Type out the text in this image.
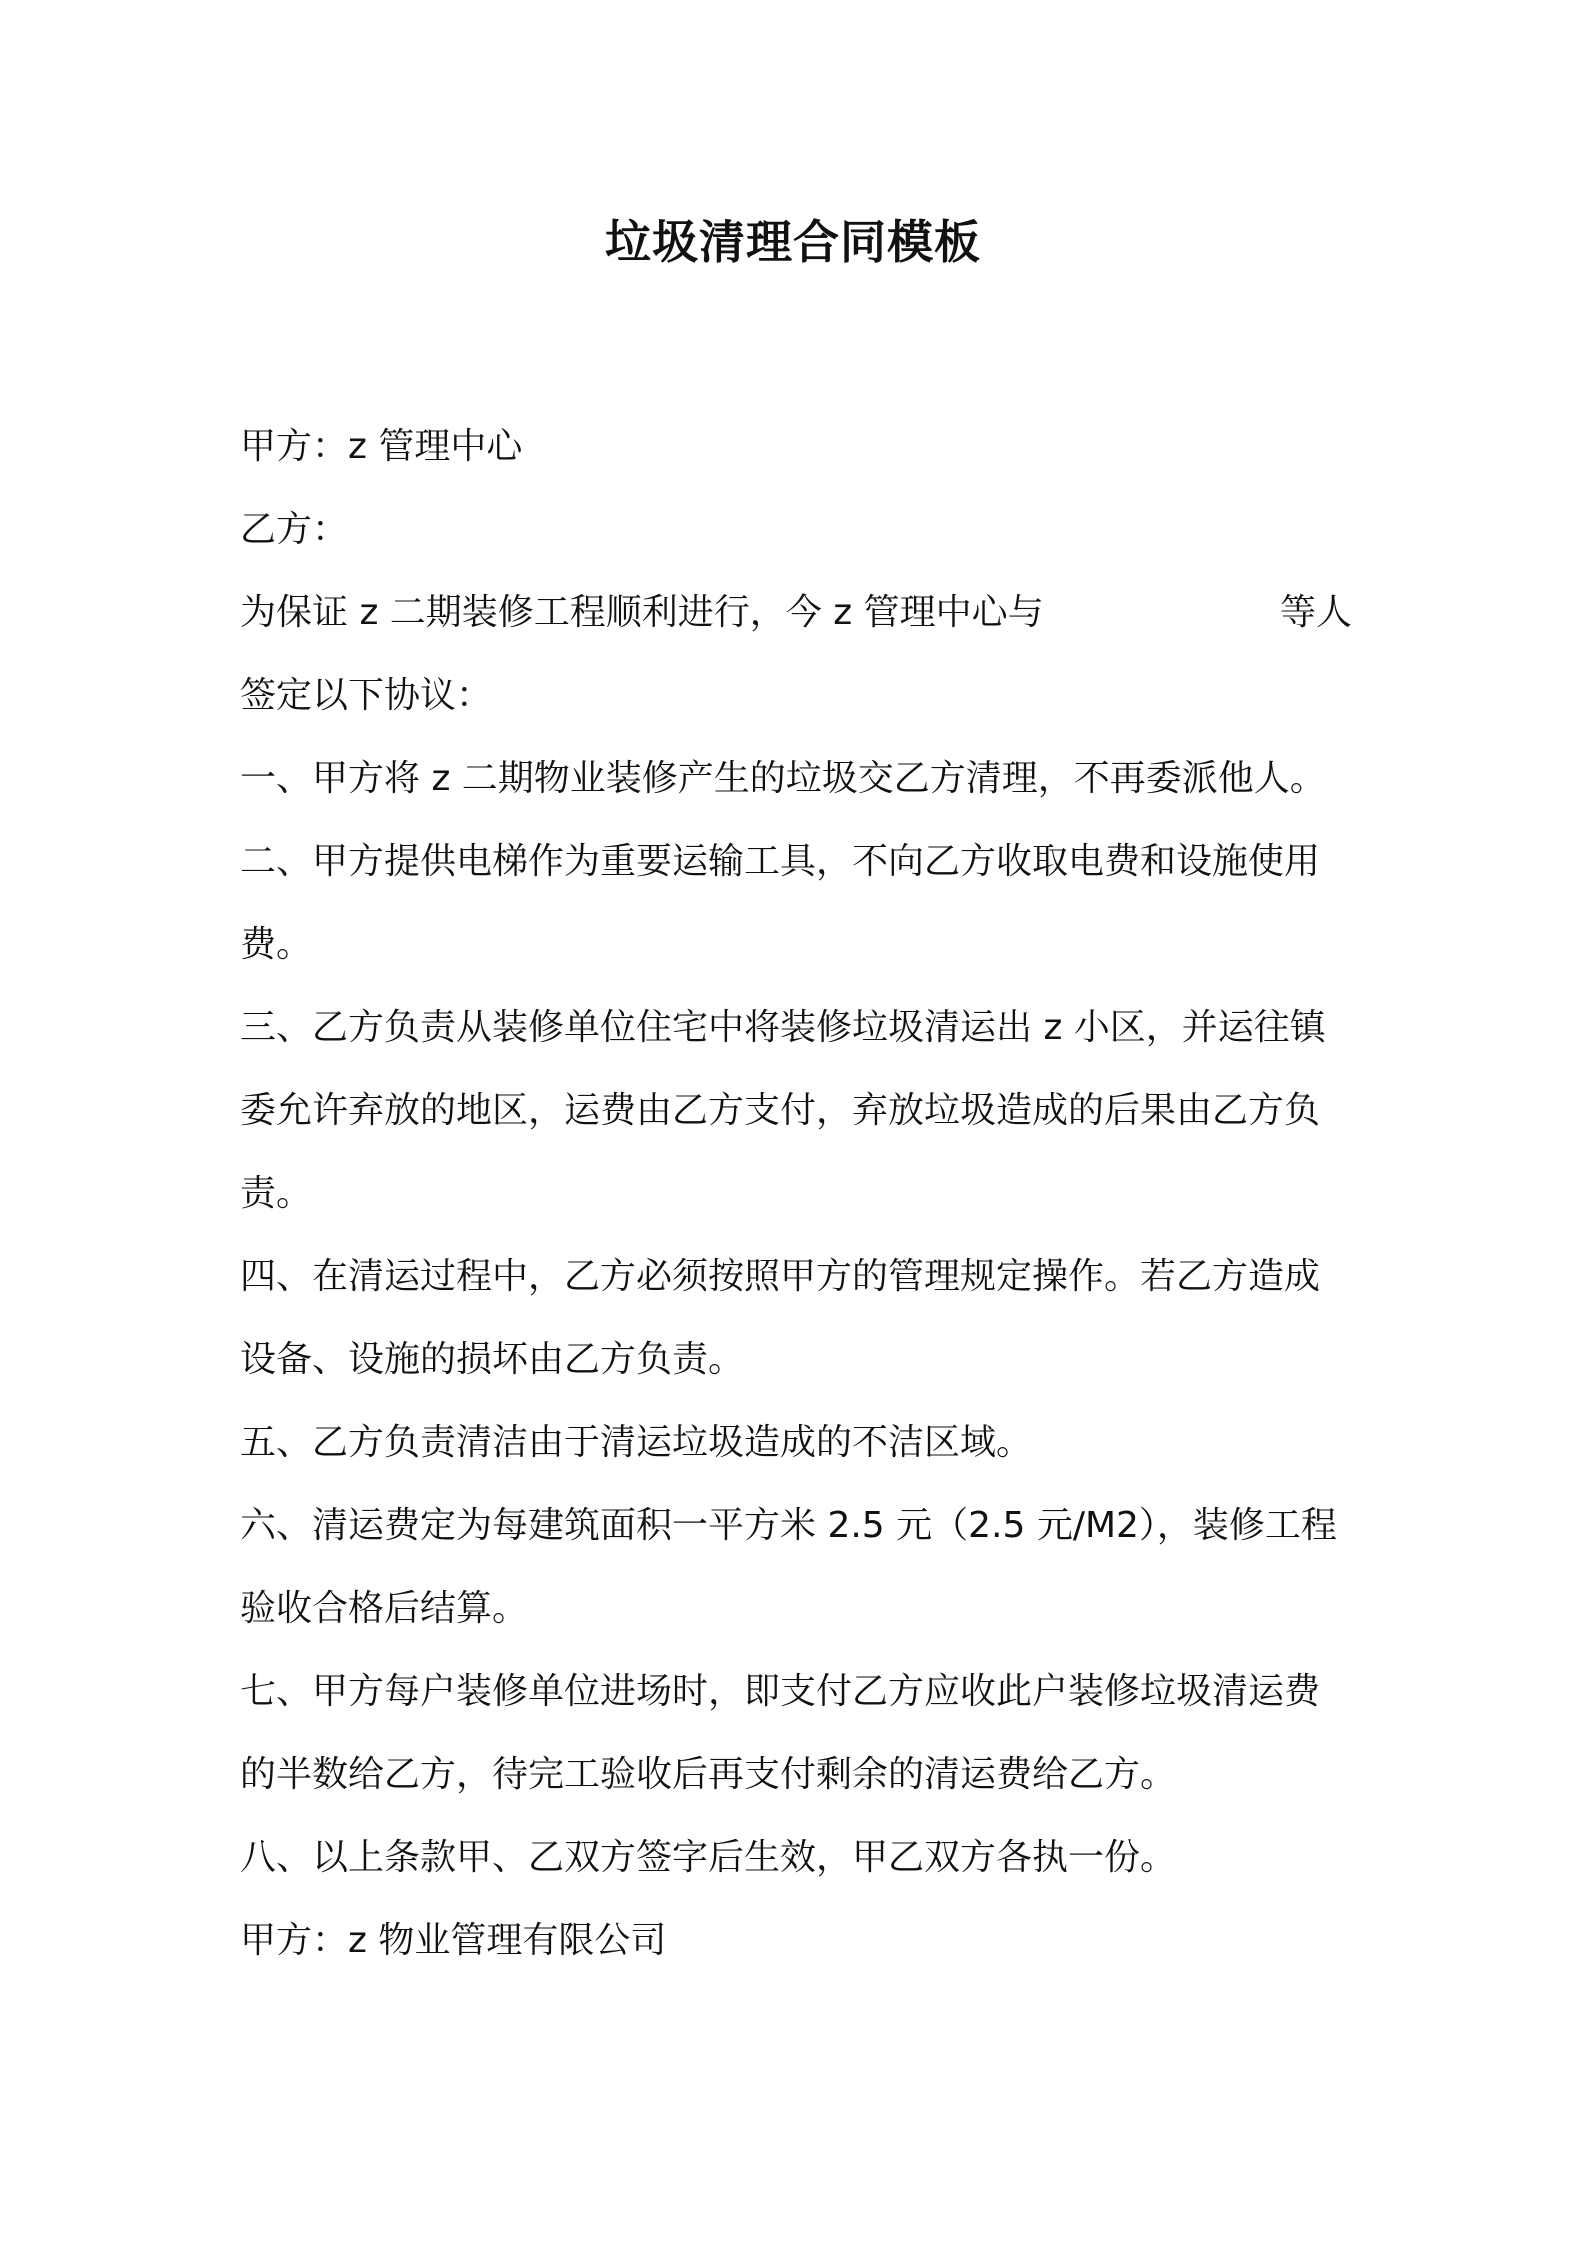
垃圾清理合同模板
甲方：z 管理中心
乙方：
为保证 z 二期装修工程顺利进行，今 z 管理中心与	等人
签定以下协议：
一、甲方将 z 二期物业装修产生的垃圾交乙方清理，不再委派他人。
二、甲方提供电梯作为重要运输工具，不向乙方收取电费和设施使用
费。
三、乙方负责从装修单位住宅中将装修垃圾清运出 z 小区，并运往镇
委允许弃放的地区，运费由乙方支付，弃放垃圾造成的后果由乙方负
责。
四、在清运过程中，乙方必须按照甲方的管理规定操作。若乙方造成
设备、设施的损坏由乙方负责。
五、乙方负责清洁由于清运垃圾造成的不洁区域。
六、清运费定为每建筑面积一平方米 2.5 元（2.5 元/M2），装修工程
验收合格后结算。
七、甲方每户装修单位进场时，即支付乙方应收此户装修垃圾清运费
的半数给乙方，待完工验收后再支付剩余的清运费给乙方。
八、以上条款甲、乙双方签字后生效，甲乙双方各执一份。
甲方：z 物业管理有限公司
